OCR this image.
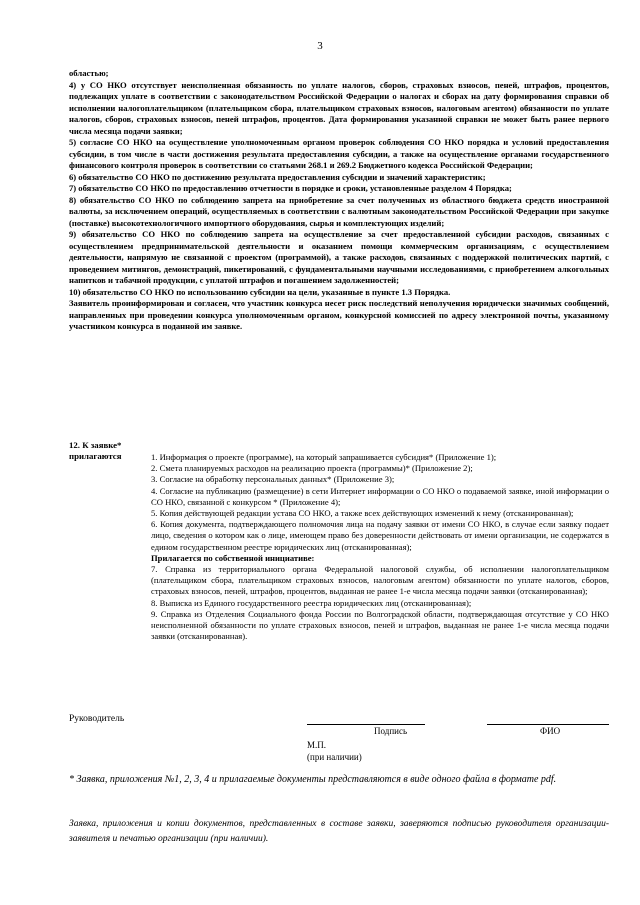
3

областью;

4) у СО НКО отсутствует неисполненная обязанность по уплате налогов, сборов, страховых взносов, пеней, штрафов, процентов, подлежащих уплате в соответствии с законодательством Российской Федерации о налогах и сборах на дату формирования справки об исполнении налогоплательщиком (плательщиком сбора, плательщиком страховых взносов, налоговым агентом) обязанности по уплате налогов, сборов, страховых взносов, пеней штрафов, процентов. Дата формирования указанной справки не может быть ранее первого числа месяца подачи заявки;

5) согласие СО НКО на осуществление уполномоченным органом проверок соблюдения СО НКО порядка и условий предоставления субсидии, в том числе в части достижения результата предоставления субсидии, а также на осуществление органами государственного финансового контроля проверок в соответствии со статьями 268.1 и 269.2 Бюджетного кодекса Российской Федерации;

6) обязательство СО НКО по достижению результата предоставления субсидии и значений характеристик;

7) обязательство СО НКО по предоставлению отчетности в порядке и сроки, установленные разделом 4 Порядка;

8) обязательство СО НКО по соблюдению запрета на приобретение за счет полученных из областного бюджета средств иностранной валюты, за исключением операций, осуществляемых в соответствии с валютным законодательством Российской Федерации при закупке (поставке) высокотехнологичного импортного оборудования, сырья и комплектующих изделий;

9) обязательство СО НКО по соблюдению запрета на осуществление за счет предоставленной субсидии расходов, связанных с осуществлением предпринимательской деятельности и оказанием помощи коммерческим организациям, с осуществлением деятельности, напрямую не связанной с проектом (программой), а также расходов, связанных с поддержкой политических партий, с проведением митингов, демонстраций, пикетирований, с фундаментальными научными исследованиями, с приобретением алкогольных напитков и табачной продукции, с уплатой штрафов и погашением задолженностей;

10) обязательство СО НКО по использованию субсидии на цели, указанные в пункте 1.3 Порядка.

Заявитель проинформирован и согласен, что участник конкурса несет риск последствий неполучения юридически значимых сообщений, направленных при проведении конкурса уполномоченным органом, конкурсной комиссией по адресу электронной почты, указанному участником конкурса в поданной им заявке.

12. К заявке*
прилагаются	1. Информация о проекте (программе), на который запрашивается субсидия* (Приложение 1);

2. Смета планируемых расходов на реализацию проекта (программы)* (Приложение 2);

3. Согласие на обработку персональных данных* (Приложение 3);

4. Согласие на публикацию (размещение) в сети Интернет информации о СО НКО о подаваемой заявке, иной информации о СО НКО, связанной с конкурсом * (Приложение 4);

5. Копия действующей редакции устава СО НКО, а также всех действующих изменений к нему (отсканированная);

6. Копия документа, подтверждающего полномочия лица на подачу заявки от имени СО НКО, в случае если заявку подает лицо, сведения о котором как о лице, имеющем право без доверенности действовать от имени организации, не содержатся в едином государственном реестре юридических лиц (отсканированная);

Прилагается по собственной инициативе:

7. Справка из территориального органа Федеральной налоговой службы, об исполнении налогоплательщиком (плательщиком сбора, плательщиком страховых взносов, налоговым агентом) обязанности по уплате налогов, сборов, страховых взносов, пеней, штрафов, процентов, выданная не ранее 1-е числа месяца подачи заявки (отсканированная);

8. Выписка из Единого государственного реестра юридических лиц (отсканированная);

9. Справка из Отделения Социального фонда России по Волгоградской области, подтверждающая отсутствие у СО НКО неисполненной обязанности по уплате страховых взносов, пеней и штрафов, выданная не ранее 1-е числа месяца подачи заявки (отсканированная).

Руководитель
Подпись	ФИО
М.П.
(при наличии)
* Заявка, приложения №1, 2, 3, 4 и прилагаемые документы представляются в виде одного файла в формате pdf.
Заявка, приложения и копии документов, представленных в составе заявки, заверяются подписью руководителя организации-заявителя и печатью организации (при наличии).
